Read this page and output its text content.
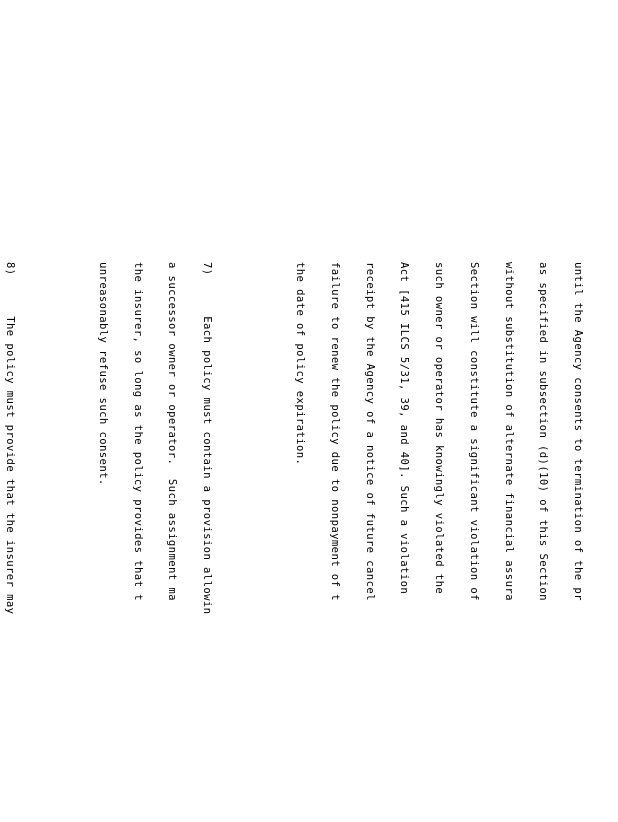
until the Agency consents to termination of the pr

as specified in subsection (d)(10) of this Section

without substitution of alternate financial assura

Section will constitute a significant violation of

such owner or operator has knowingly violated the

Act [415 ILCS 5/31, 39, and 40]. Such a violation

receipt by the Agency of a notice of future cancel

failure to renew the policy due to nonpayment of t

the date of policy expiration.

7)      Each policy must contain a provision allowin

a successor owner or operator.  Such assignment ma

the insurer, so long as the policy provides that t

unreasonably refuse such consent.

8)      The policy must provide that the insurer may
